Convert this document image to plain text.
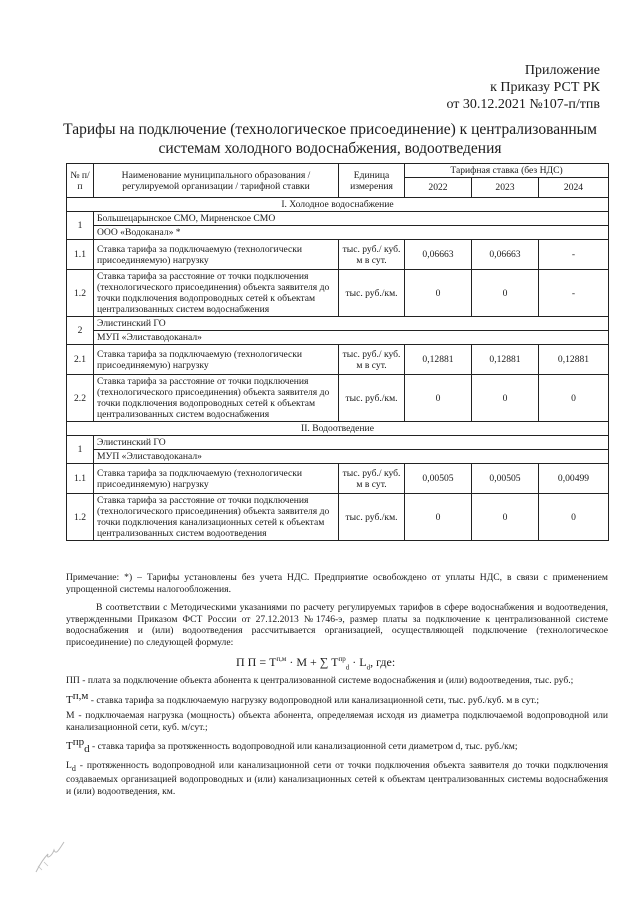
Приложение
к Приказу РСТ РК
от 30.12.2021 №107-п/тпв
Тарифы на подключение (технологическое присоединение) к централизованным
системам холодного водоснабжения, водоотведения
№ п/п	Наименование муниципального образования / регулируемой организации / тарифной ставки	Единица измерения	Тарифная ставка (без НДС)		
			2022	2023	2024
I. Холодное водоснабжение					
1	Большецарынское СМО, Мирненское СМО				
	ООО «Водоканал» *				
1.1	Ставка тарифа за подключаемую (технологически присоединяемую) нагрузку	тыс. руб./ куб. м в сут.	0,06663	0,06663	-
1.2	Ставка тарифа за расстояние от точки подключения (технологического присоединения) объекта заявителя до точки подключения водопроводных сетей к объектам централизованных систем водоснабжения	тыс. руб./км.	0	0	-
2	Элистинский ГО				
	МУП «Элиставодоканал»				
2.1	Ставка тарифа за подключаемую (технологически присоединяемую) нагрузку	тыс. руб./ куб. м в сут.	0,12881	0,12881	0,12881
2.2	Ставка тарифа за расстояние от точки подключения (технологического присоединения) объекта заявителя до точки подключения водопроводных сетей к объектам централизованных систем водоснабжения	тыс. руб./км.	0	0	0
II. Водоотведение					
1	Элистинский ГО				
	МУП «Элиставодоканал»				
1.1	Ставка тарифа за подключаемую (технологически присоединяемую) нагрузку	тыс. руб./ куб. м в сут.	0,00505	0,00505	0,00499
1.2	Ставка тарифа за расстояние от точки подключения (технологического присоединения) объекта заявителя до точки подключения канализационных сетей к объектам централизованных систем водоотведения	тыс. руб./км.	0	0	0
Примечание: *) – Тарифы установлены без учета НДС. Предприятие освобождено от уплаты НДС, в связи с применением упрощенной системы налогообложения.
В соответствии с Методическими указаниями по расчету регулируемых тарифов в сфере водоснабжения и водоотведения, утвержденными Приказом ФСТ России от 27.12.2013 №1746-э, размер платы за подключение к централизованной системе водоснабжения и (или) водоотведения рассчитывается организацией, осуществляющей подключение (технологическое присоединение) по следующей формуле:
П $П = T^{п,м} \cdot M$ + ∑ $T^{пр}_d \cdot L_d$, где:

ПП - плата за подключение объекта абонента к централизованной системе водоснабжения и (или) водоотведения, тыс. руб.;

$T^{п,м}$ - ставка тарифа за подключаемую нагрузку водопроводной или канализационной сети, тыс. руб./куб. м в сут.;

M - подключаемая нагрузка (мощность) объекта абонента, определяемая исходя из диаметра подключаемой водопроводной или канализационной сети, куб. м/сут.;

$T^{пр}_d$ - ставка тарифа за протяженность водопроводной или канализационной сети диаметром d, тыс. руб./км;

$L_d$ - протяженность водопроводной или канализационной сети от точки подключения объекта заявителя до точки подключения создаваемых организацией водопроводных и (или) канализационных сетей к объектам централизованных системы водоснабжения и (или) водоотведения, км.
